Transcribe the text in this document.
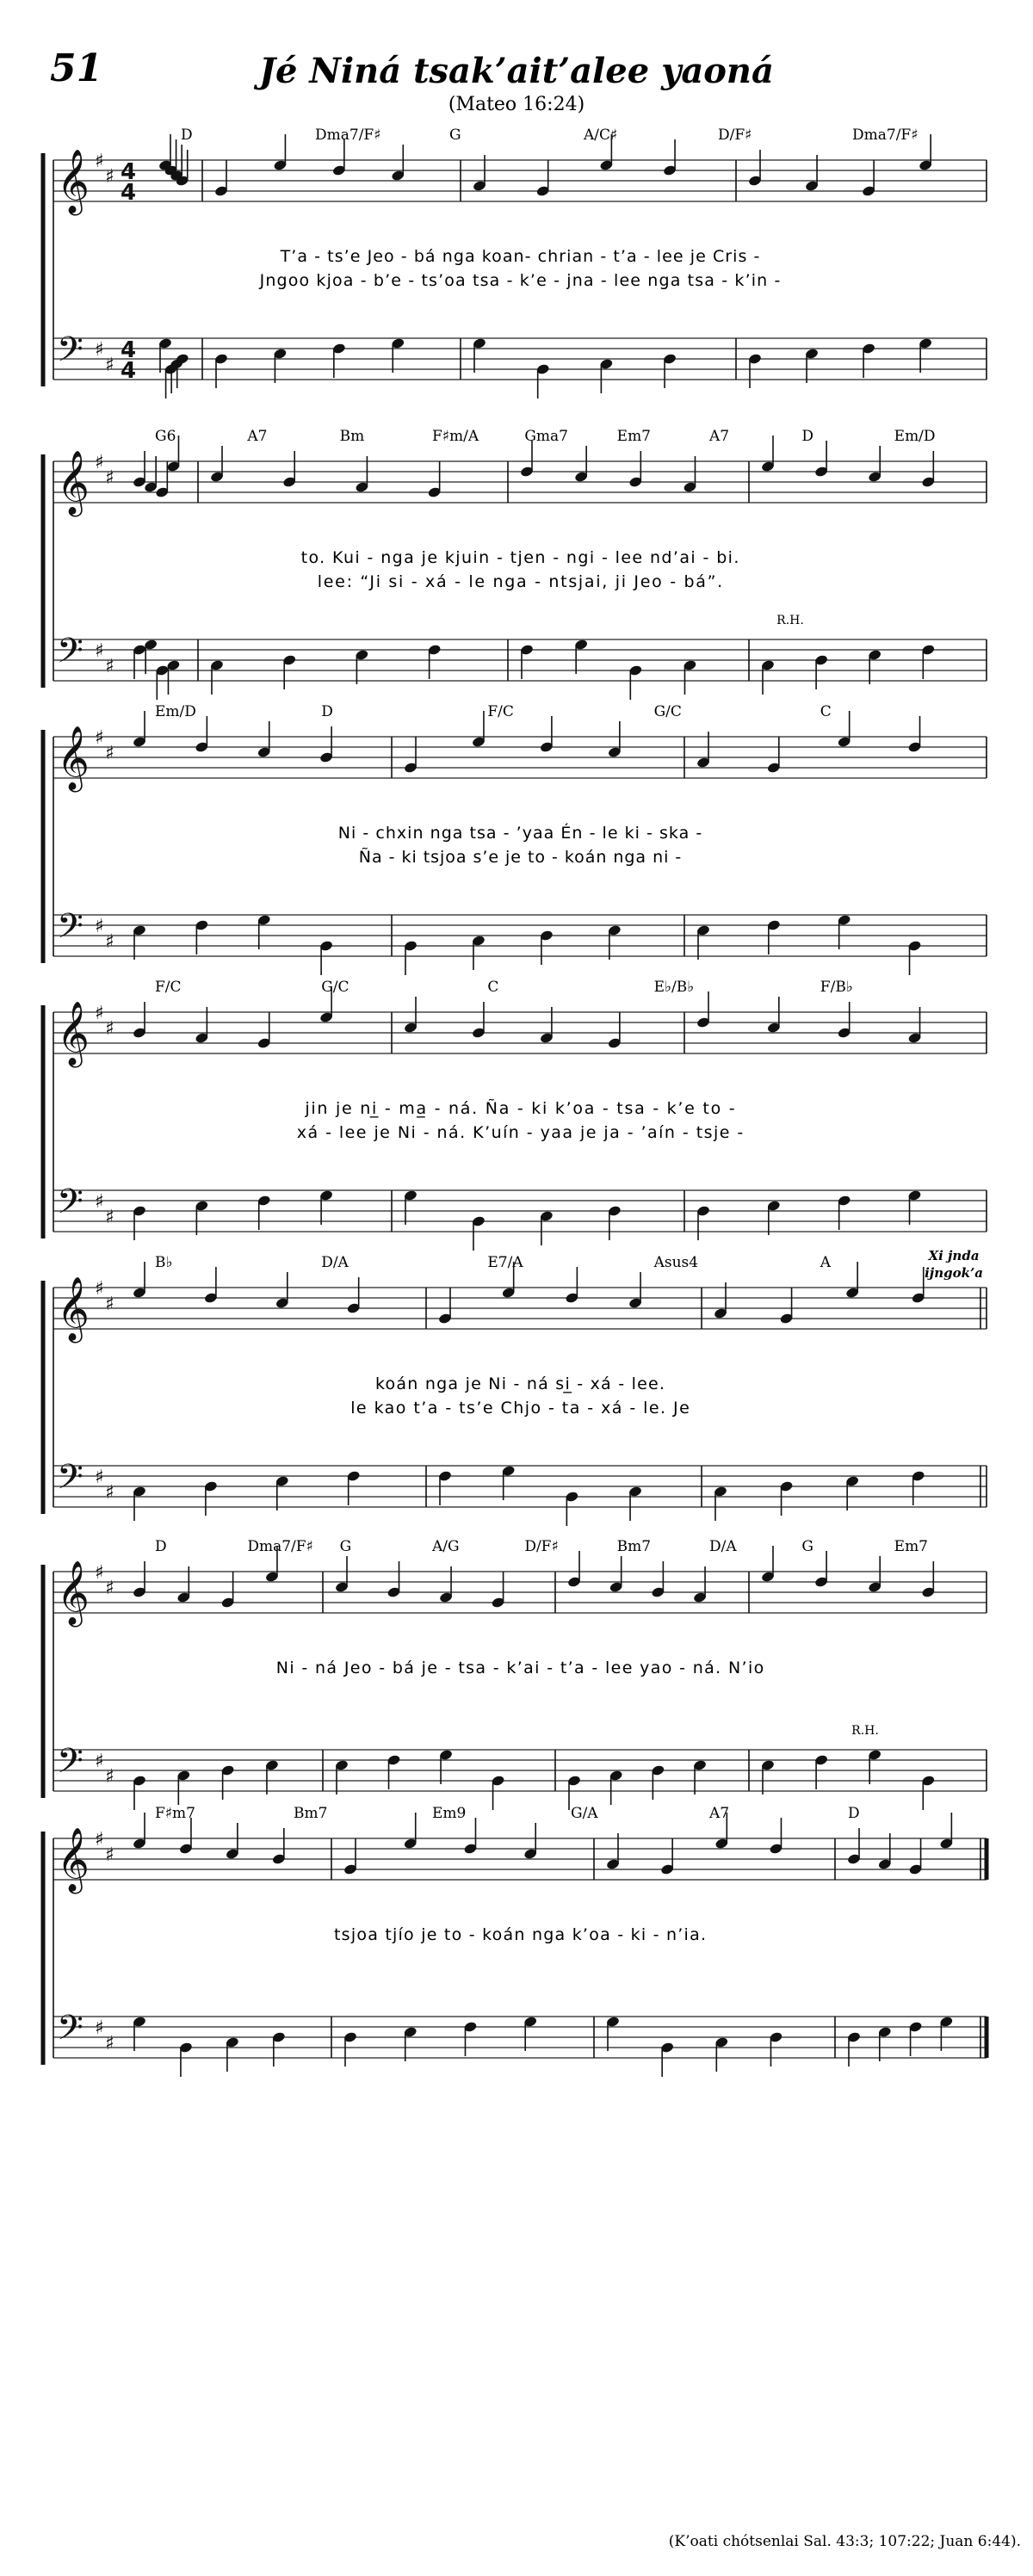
51	Jé Niná tsak’ait’alee yaoná
(Mateo 16:24)
D	Dma7/F♯	G	A/C♯	D/F♯	Dma7/F♯
𝄞 ♯
♯ 4
4
𝄢 ♯
♯
4
4
T’a - ts’e Jeo - bá nga koan- chrian - t’a - lee je Cris -
Jngoo kjoa - b’e - ts’oa tsa - k’e - jna - lee nga tsa - k’in -
G6	A7	Bm	F♯m/A	Gma7	Em7	A7	D	Em/D
𝄞 ♯
♯
𝄢 ♯
♯
to. Kui - nga je kjuin - tjen - ngi - lee nd’ai - bi.
lee: “Ji si - xá - le nga - ntsjai, ji Jeo - bá”.
R.H.
Em/D	D	F/C	G/C	C
𝄞 ♯
♯
𝄢 ♯
♯
Ni - chxin nga tsa - ’yaa Én - le ki - ska -
Ña - ki tsjoa s’e je to - koán nga ni -
F/C	G/C	C	E♭/B♭	F/B♭
𝄞 ♯
♯
𝄢 ♯
♯
jin je ni̲ - ma̲ - ná. Ña - ki k’oa - tsa - k’e to -
xá - lee je Ni - ná. K’uín - yaa je ja - ’aín - tsje -
B♭	D/A	E7/A	Asus4	A
𝄞 ♯
♯
𝄢 ♯
♯
koán nga je Ni - ná si̲ - xá - lee.
le kao t’a - ts’e Chjo - ta - xá - le. Je
Xi jnda
ijngok’a
D	Dma7/F♯ G	A/G	D/F♯	Bm7	D/A	G	Em7
𝄞 ♯
♯
𝄢 ♯
♯
Ni - ná Jeo - bá je - tsa - k’ai - t’a - lee yao - ná. N’io
R.H.
F♯m7	Bm7	Em9	G/A	A7	D
𝄞 ♯
♯
𝄢 ♯
♯
tsjoa tjío je to - koán nga k’oa - ki - n’ia.
(K’oati chótsenlai Sal. 43:3; 107:22; Juan 6:44).
